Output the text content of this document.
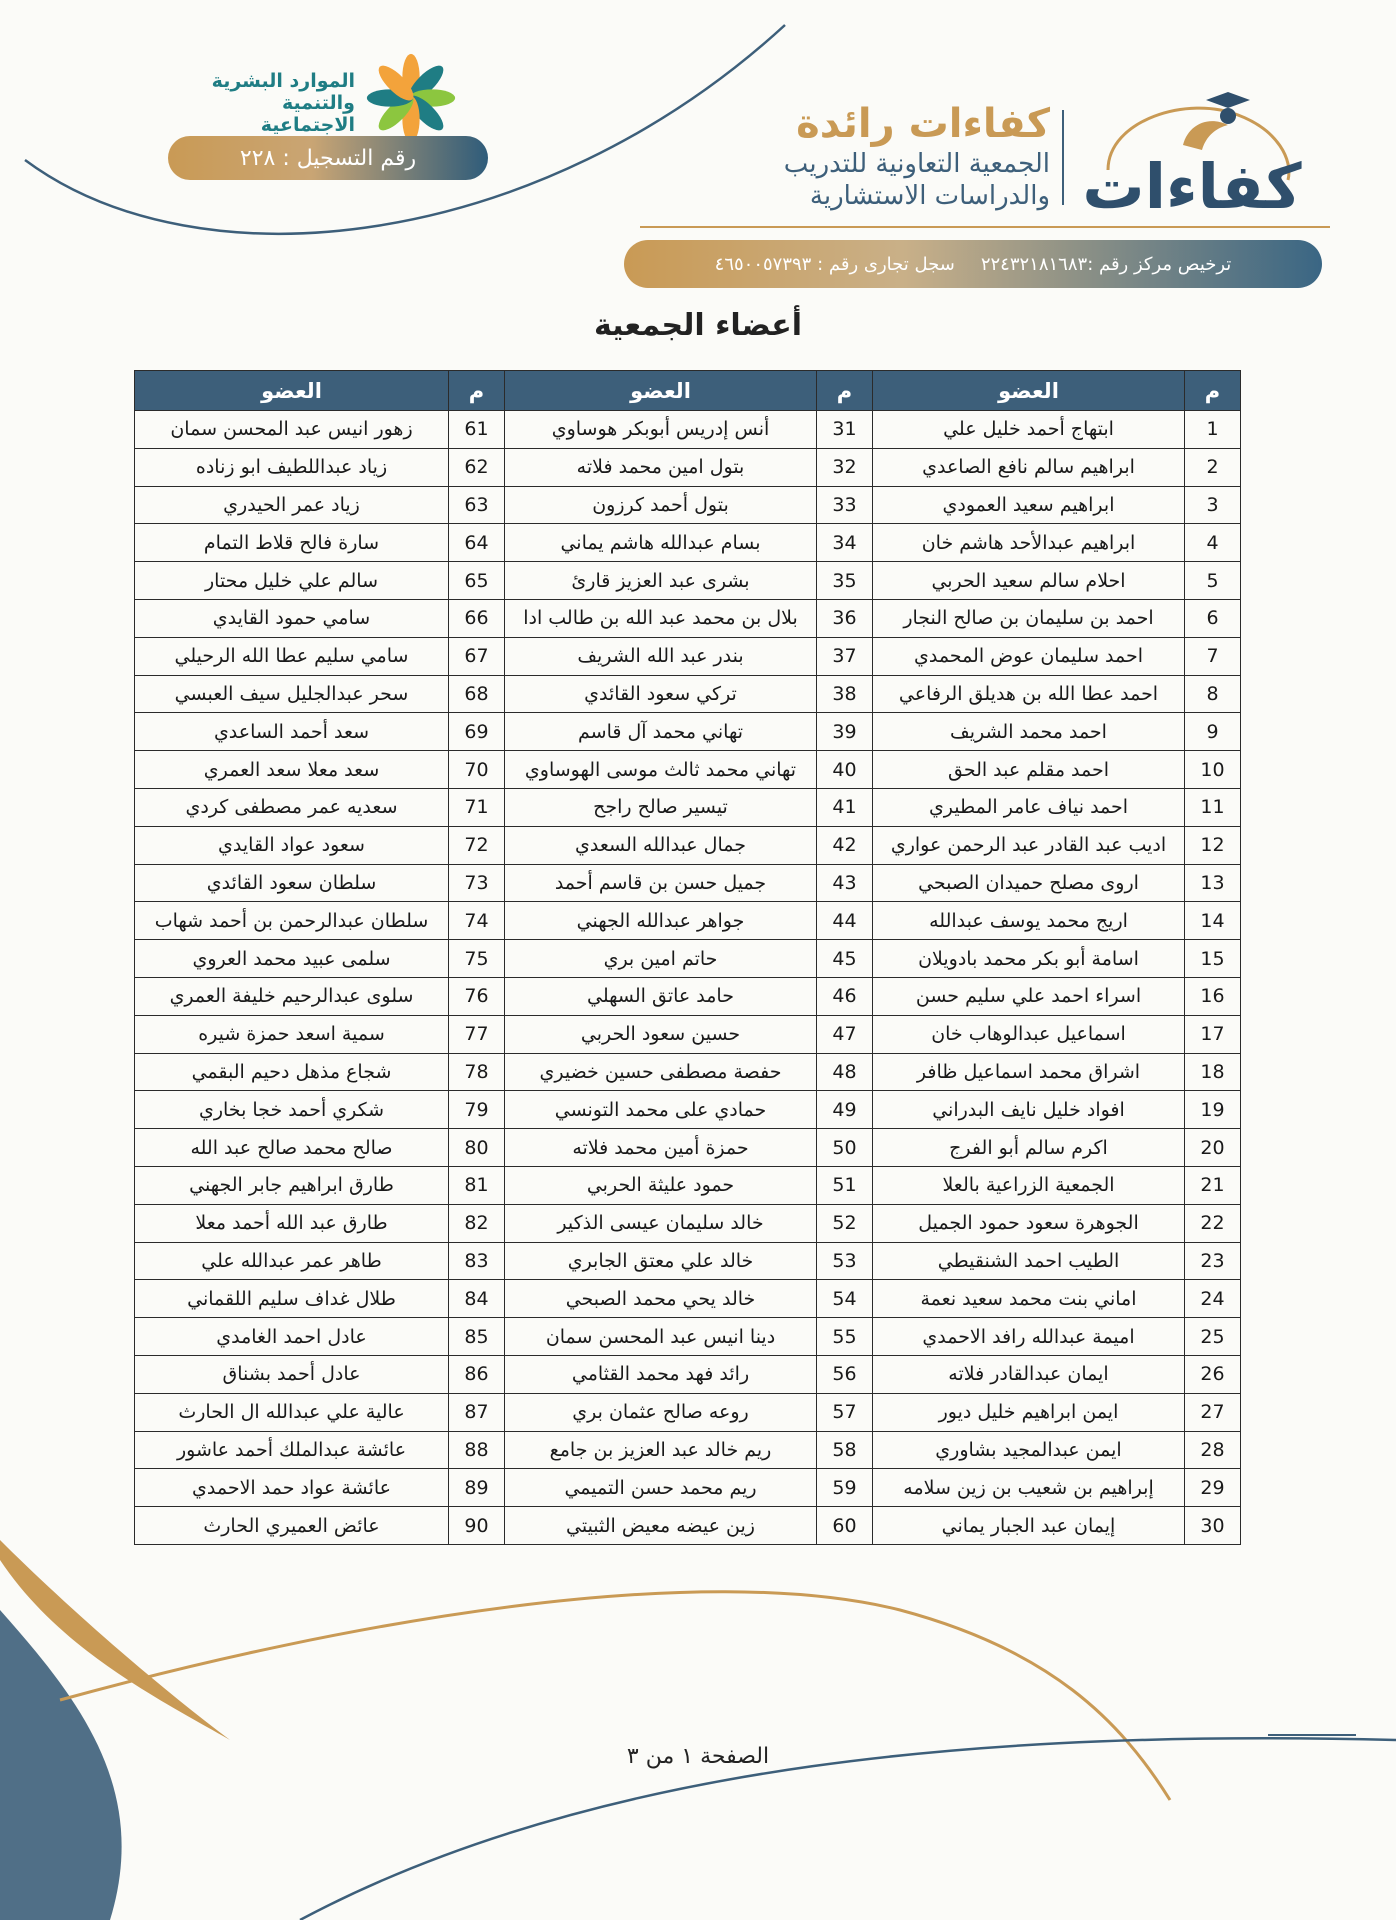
الموارد البشرية
والتنمية الاجتماعية
رقم التسجيل : ٢٢٨
كفاءات رائدة
الجمعية التعاونية للتدريب
والدراسات الاستشارية كفاءات
ترخيص مركز رقم :٢٢٤٣٢١٨١٦٨٣
سجل تجارى رقم : ٤٦٥٠٠٥٧٣٩٣
أعضاء الجمعية
م	العضو	م	العضو	م	العضو
1	ابتهاج أحمد خليل علي	31	أنس إدريس أبوبكر هوساوي	61	زهور انيس عبد المحسن سمان
2	ابراهيم سالم نافع الصاعدي	32	بتول امين محمد فلاته	62	زياد عبداللطيف ابو زناده
3	ابراهيم سعيد العمودي	33	بتول أحمد كرزون	63	زياد عمر الحيدري
4	ابراهيم عبدالأحد هاشم خان	34	بسام عبدالله هاشم يماني	64	سارة فالح قلاط التمام
5	احلام سالم سعيد الحربي	35	بشرى عبد العزيز قارئ	65	سالم علي خليل محتار
6	احمد بن سليمان بن صالح النجار	36	بلال بن محمد عبد الله بن طالب ادا	66	سامي حمود القايدي
7	احمد سليمان عوض المحمدي	37	بندر عبد الله الشريف	67	سامي سليم عطا الله الرحيلي
8	احمد عطا الله بن هديلق الرفاعي	38	تركي سعود القائدي	68	سحر عبدالجليل سيف العبسي
9	احمد محمد الشريف	39	تهاني محمد آل قاسم	69	سعد أحمد الساعدي
10	احمد مقلم عبد الحق	40	تهاني محمد ثالث موسى الهوساوي	70	سعد معلا سعد العمري
11	احمد نياف عامر المطيري	41	تيسير صالح راجح	71	سعديه عمر مصطفى كردي
12	اديب عبد القادر عبد الرحمن عواري	42	جمال عبدالله السعدي	72	سعود عواد القايدي
13	اروى مصلح حميدان الصبحي	43	جميل حسن بن قاسم أحمد	73	سلطان سعود القائدي
14	اريج محمد يوسف عبدالله	44	جواهر عبدالله الجهني	74	سلطان عبدالرحمن بن أحمد شهاب
15	اسامة أبو بكر محمد بادويلان	45	حاتم امين بري	75	سلمى عبيد محمد العروي
16	اسراء احمد علي سليم حسن	46	حامد عاتق السهلي	76	سلوى عبدالرحيم خليفة العمري
17	اسماعيل عبدالوهاب خان	47	حسين سعود الحربي	77	سمية اسعد حمزة شيره
18	اشراق محمد اسماعيل ظافر	48	حفصة مصطفى حسين خضيري	78	شجاع مذهل دحيم البقمي
19	افواد خليل نايف البدراني	49	حمادي على محمد التونسي	79	شكري أحمد خجا بخاري
20	اكرم سالم أبو الفرج	50	حمزة أمين محمد فلاته	80	صالح محمد صالح عبد الله
21	الجمعية الزراعية بالعلا	51	حمود عليثة الحربي	81	طارق ابراهيم جابر الجهني
22	الجوهرة سعود حمود الجميل	52	خالد سليمان عيسى الذكير	82	طارق عبد الله أحمد معلا
23	الطيب احمد الشنقيطي	53	خالد علي معتق الجابري	83	طاهر عمر عبدالله علي
24	اماني بنت محمد سعيد نعمة	54	خالد يحي محمد الصبحي	84	طلال غداف سليم اللقماني
25	اميمة عبدالله رافد الاحمدي	55	دينا انيس عبد المحسن سمان	85	عادل احمد الغامدي
26	ايمان عبدالقادر فلاته	56	رائد فهد محمد القثامي	86	عادل أحمد بشناق
27	ايمن ابراهيم خليل ديور	57	روعه صالح عثمان بري	87	عالية علي عبدالله ال الحارث
28	ايمن عبدالمجيد بشاوري	58	ريم خالد عبد العزيز بن جامع	88	عائشة عبدالملك أحمد عاشور
29	إبراهيم بن شعيب بن زين سلامه	59	ريم محمد حسن التميمي	89	عائشة عواد حمد الاحمدي
30	إيمان عبد الجبار يماني	60	زين عيضه معيض الثبيتي	90	عائض العميري الحارث
الصفحة ١ من ٣
